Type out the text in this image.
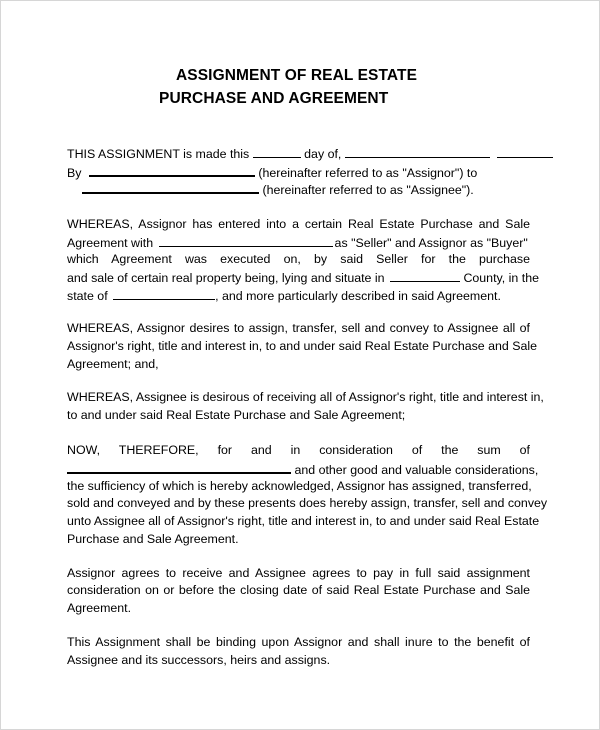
ASSIGNMENT OF REAL ESTATE
PURCHASE AND AGREEMENT
THIS ASSIGNMENT is made this	day of,
By	(hereinafter referred to as "Assignor") to
(hereinafter referred to as "Assignee").
WHEREAS, Assignor has entered into a certain Real Estate Purchase and Sale
Agreement with	as "Seller" and Assignor as "Buyer"
which Agreement was executed on, by said Seller for the purchase
and sale of certain real property being, lying and situate in	County, in the
state of	, and more particularly described in said Agreement.
WHEREAS, Assignor desires to assign, transfer, sell and convey to Assignee all of
Assignor's right, title and interest in, to and under said Real Estate Purchase and Sale
Agreement; and,
WHEREAS, Assignee is desirous of receiving all of Assignor's right, title and interest in,
to and under said Real Estate Purchase and Sale Agreement;
NOW, THEREFORE, for and in consideration of the sum of
and other good and valuable considerations,
the sufficiency of which is hereby acknowledged, Assignor has assigned, transferred,
sold and conveyed and by these presents does hereby assign, transfer, sell and convey
unto Assignee all of Assignor's right, title and interest in, to and under said Real Estate
Purchase and Sale Agreement.
Assignor agrees to receive and Assignee agrees to pay in full said assignment
consideration on or before the closing date of said Real Estate Purchase and Sale
Agreement.
This Assignment shall be binding upon Assignor and shall inure to the benefit of
Assignee and its successors, heirs and assigns.
